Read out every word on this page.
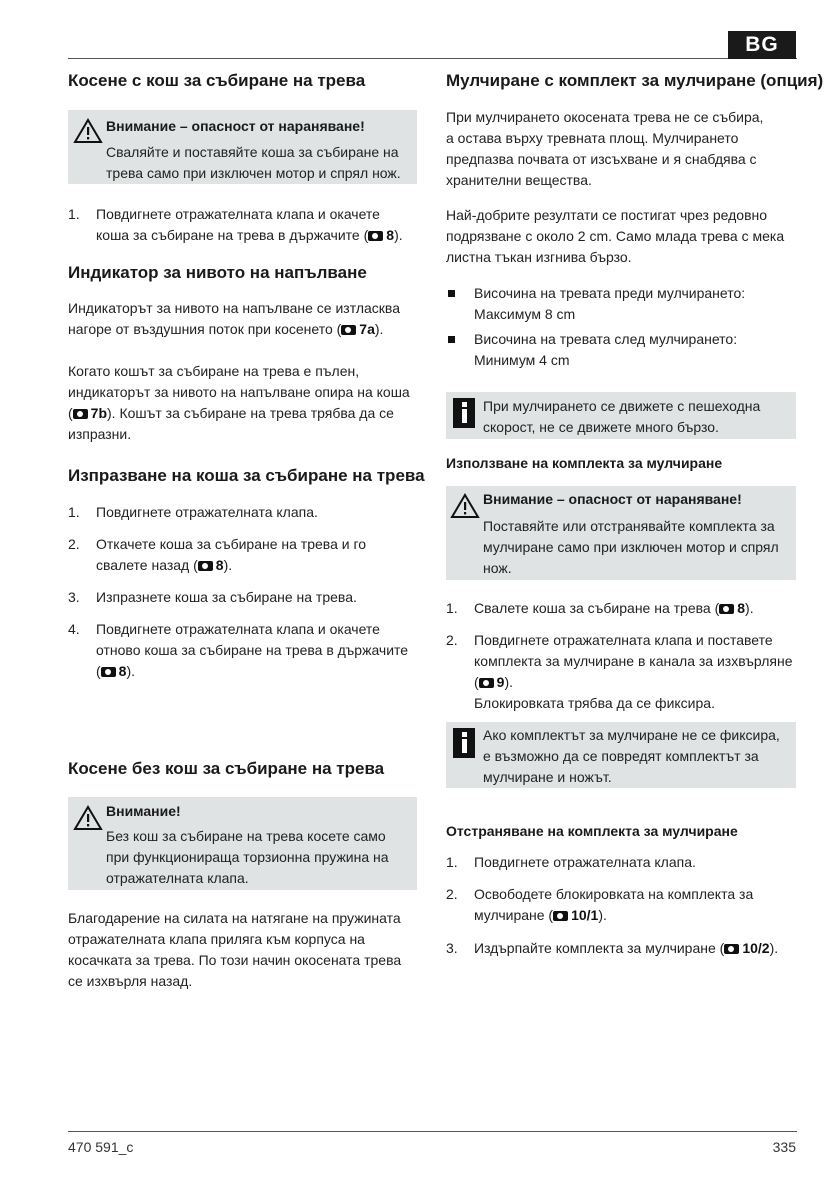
BG
Косене с кош за събиране на трева
Внимание – опасност от нараняване!
Сваляйте и поставяйте коша за събиране на
трева само при изключен мотор и спрял нож.
1. Повдигнете отражателната клапа и окачете
коша за събиране на трева в държачите ( 8).
Индикатор за нивото на напълване
Индикаторът за нивото на напълване се изтласква
нагоре от въздушния поток при косенето ( 7a).
Когато кошът за събиране на трева е пълен,
индикаторът за нивото на напълване опира на коша
( 7b). Кошът за събиране на трева трябва да се
изпразни.
Изпразване на коша за събиране на трева
1. Повдигнете отражателната клапа.
2. Откачете коша за събиране на трева и го
свалете назад ( 8).
3. Изпразнете коша за събиране на трева.
4. Повдигнете отражателната клапа и окачете
отново коша за събиране на трева в държачите
( 8).
Косене без кош за събиране на трева
Внимание!
Без кош за събиране на трева косете само
при функционираща торзионна пружина на
отражателната клапа.
Благодарение на силата на натягане на пружината
отражателната клапа приляга към корпуса на
косачката за трева. По този начин окосената трева
се изхвърля назад.
Мулчиране с комплект за мулчиране (опция)
При мулчирането окосената трева не се събира,
а остава върху тревната площ. Мулчирането
предпазва почвата от изсъхване и я снабдява с
хранителни вещества.
Най-добрите резултати се постигат чрез редовно
подрязване с около 2 cm. Само млада трева с мека
листна тъкан изгнива бързо.
Височина на тревата преди мулчирането:
Максимум 8 cm
Височина на тревата след мулчирането:
Минимум 4 cm
При мулчирането се движете с пешеходна
скорост, не се движете много бързо.
Използване на комплекта за мулчиране
Внимание – опасност от нараняване!
Поставяйте или отстранявайте комплекта за
мулчиране само при изключен мотор и спрял
нож.
1. Свалете коша за събиране на трева ( 8).
2. Повдигнете отражателната клапа и поставете
комплекта за мулчиране в канала за изхвърляне
( 9).
Блокировката трябва да се фиксира.
Ако комплектът за мулчиране не се фиксира,
е възможно да се повредят комплектът за
мулчиране и ножът.
Отстраняване на комплекта за мулчиране
1. Повдигнете отражателната клапа.
2. Освободете блокировката на комплекта за
мулчиране ( 10/1).
3. Издърпайте комплекта за мулчиране ( 10/2).
470 591_c	335
